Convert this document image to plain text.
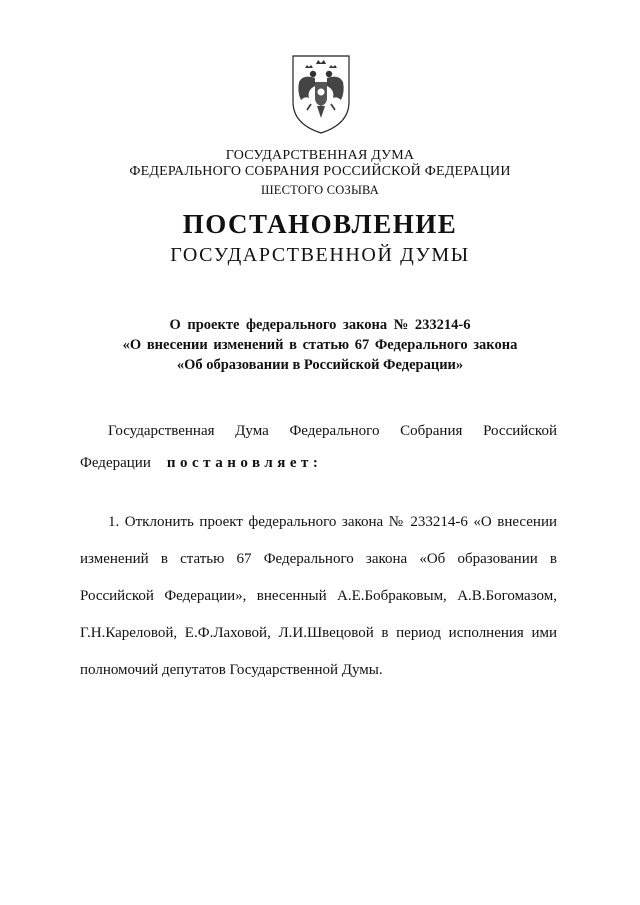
ГОСУДАРСТВЕННАЯ ДУМА
ФЕДЕРАЛЬНОГО СОБРАНИЯ РОССИЙСКОЙ ФЕДЕРАЦИИ
ШЕСТОГО СОЗЫВА
ПОСТАНОВЛЕНИЕ
ГОСУДАРСТВЕННОЙ ДУМЫ
О проекте федерального закона № 233214-6
«О внесении изменений в статью 67 Федерального закона
«Об образовании в Российской Федерации»
Государственная Дума Федерального Собрания Российской
Федерации постановляет:
1. Отклонить проект федерального закона № 233214-6 «О внесении
изменений в статью 67 Федерального закона «Об образовании в
Российской Федерации», внесенный А.Е.Бобраковым, А.В.Богомазом,
Г.Н.Кареловой, Е.Ф.Лаховой, Л.И.Швецовой в период исполнения ими
полномочий депутатов Государственной Думы.
